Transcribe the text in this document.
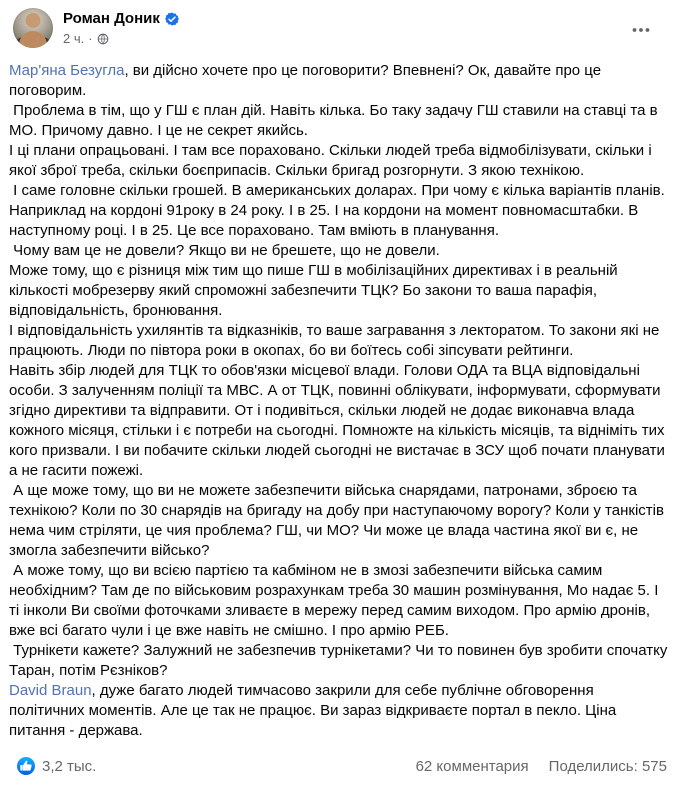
Роман Доник
2 ч. ·
Мар'яна Безугла, ви дійсно хочете про це поговорити? Впевнені? Ок, давайте про це поговорим.
Проблема в тім, що у ГШ є план дій. Навіть кілька. Бо таку задачу ГШ ставили на ставці та в МО. Причому давно. І це не секрет якийсь.
І ці плани опрацьовані. І там все пораховано. Скільки людей треба відмобілізувати, скільки і якої зброї треба, скільки боєприпасів. Скільки бригад розгорнути. З якою технікою.
І саме головне скільки грошей. В американських доларах. При чому є кілька варіантів планів. Наприклад на кордоні 91року в 24 року. І в 25. І на кордони на момент повномасштабки. В наступному році. І в 25. Це все пораховано. Там вміють в планування.
Чому вам це не довели? Якщо ви не брешете, що не довели.
Може тому, що є різниця між тим що пише ГШ в мобілізаційних директивах і в реальній кількості мобрезерву який спроможні забезпечити ТЦК? Бо закони то ваша парафія, відповідальність, бронювання.
І відповідальність ухилянтів та відказніків, то ваше загравання з лекторатом. То закони які не працюють. Люди по півтора роки в окопах, бо ви боїтесь собі зіпсувати рейтинги.
Навіть збір людей для ТЦК то обов'язки місцевої влади. Голови ОДА та ВЦА відповідальні особи. З залученням поліції та МВС. А от ТЦК, повинні облікувати, інформувати, сформувати згідно директиви та відправити. От і подивіться, скільки людей не додає виконавча влада кожного місяця, стільки і є потреби на сьогодні. Помножте на кількість місяців, та відніміть тих кого призвали. І ви побачите скільки людей сьогодні не вистачає в ЗСУ щоб почати планувати а не гасити пожежі.
А ще може тому, що ви не можете забезпечити війська снарядами, патронами, зброєю та технікою? Коли по 30 снарядів на бригаду на добу при наступаючому ворогу? Коли у танкістів нема чим стріляти, це чия проблема? ГШ, чи МО? Чи може це влада частина якої ви є, не змогла забезпечити військо?
А може тому, що ви всією партією та кабміном не в змозі забезпечити війська самим необхідним? Там де по військовим розрахункам треба 30 машин розмінування, Мо надає 5. І ті інколи Ви своїми фоточками зливаєте в мережу перед самим виходом. Про армію дронів, вже всі багато чули і це вже навіть не смішно. І про армію РЕБ.
Турнікети кажете? Залужний не забезпечив турнікетами? Чи то повинен був зробити спочатку Таран, потім Рєзніков?
David Braun, дуже багато людей тимчасово закрили для себе публічне обговорення політичних моментів. Але це так не працює. Ви зараз відкриваєте портал в пекло. Ціна питання - держава.
3,2 тыс.	62 комментария Поделились: 575
